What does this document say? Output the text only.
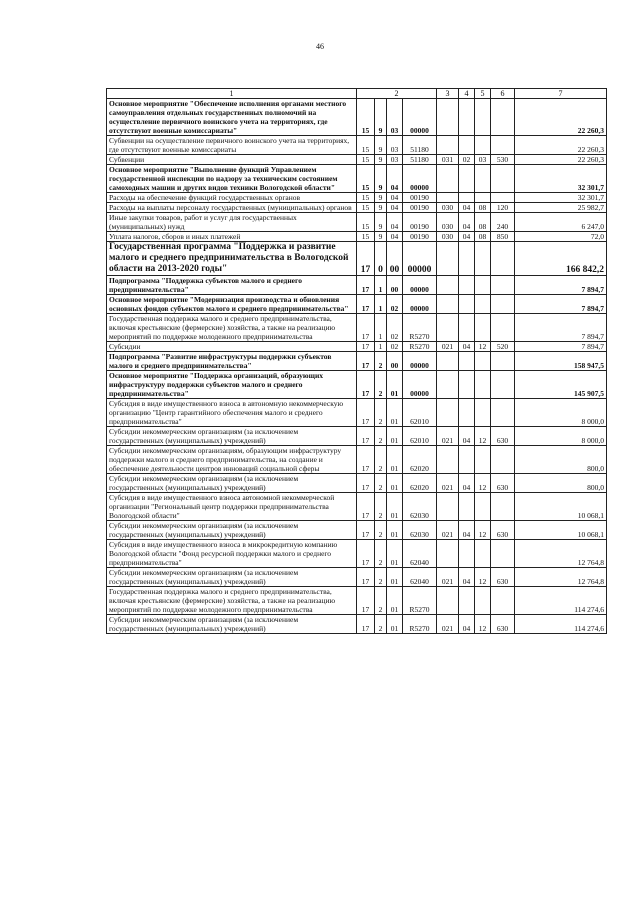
46
1	2				3	4	5	6	7
Основное мероприятие "Обеспечение исполнения органами местного самоуправления отдельных государственных полномочий на осуществление первичного воинского учета на территориях, где отсутствуют военные комиссариаты"	15	9	03	00000					22 260,3
Субвенции на осуществление первичного воинского учета на территориях, где отсутствуют военные комиссариаты	15	9	03	51180					22 260,3
Субвенции	15	9	03	51180	031	02	03	530	22 260,3
Основное мероприятие "Выполнение функций Управлением государственной инспекции по надзору за техническим состоянием самоходных машин и других видов техники Вологодской области"	15	9	04	00000					32 301,7
Расходы на обеспечение функций государственных органов	15	9	04	00190					32 301,7
Расходы на выплаты персоналу государственных (муниципальных) органов	15	9	04	00190	030	04	08	120	25 982,7
Иные закупки товаров, работ и услуг для государственных (муниципальных) нужд	15	9	04	00190	030	04	08	240	6 247,0
Уплата налогов, сборов и иных платежей	15	9	04	00190	030	04	08	850	72,0
Государственная программа "Поддержка и развитие малого и среднего предпринимательства в Вологодской области на 2013-2020 годы"	17	0	00	00000					166 842,2
Подпрограмма "Поддержка субъектов малого и среднего предпринимательства"	17	1	00	00000					7 894,7
Основное мероприятие "Модернизация производства и обновления основных фондов субъектов малого и среднего предпринимательства"	17	1	02	00000					7 894,7
Государственная поддержка малого и среднего предпринимательства, включая крестьянские (фермерские) хозяйства, а также на реализацию мероприятий по поддержке молодежного предпринимательства	17	1	02	R5270					7 894,7
Субсидии	17	1	02	R5270	021	04	12	520	7 894,7
Подпрограмма "Развитие инфраструктуры поддержки субъектов малого и среднего предпринимательства"	17	2	00	00000					158 947,5
Основное мероприятие "Поддержка организаций, образующих инфраструктуру поддержки субъектов малого и среднего предпринимательства"	17	2	01	00000					145 907,5
Субсидия в виде имущественного взноса в автономную некоммерческую организацию "Центр гарантийного обеспечения малого и среднего предпринимательства"	17	2	01	62010					8 000,0
Субсидии некоммерческим организациям (за исключением государственных (муниципальных) учреждений)	17	2	01	62010	021	04	12	630	8 000,0
Субсидии некоммерческим организациям, образующим инфраструктуру поддержки малого и среднего предпринимательства, на создание и обеспечение деятельности центров инноваций социальной сферы	17	2	01	62020					800,0
Субсидии некоммерческим организациям (за исключением государственных (муниципальных) учреждений)	17	2	01	62020	021	04	12	630	800,0
Субсидия в виде имущественного взноса автономной некоммерческой организации "Региональный центр поддержки предпринимательства Вологодской области"	17	2	01	62030					10 068,1
Субсидии некоммерческим организациям (за исключением государственных (муниципальных) учреждений)	17	2	01	62030	021	04	12	630	10 068,1
Субсидия в виде имущественного взноса в микрокредитную компанию Вологодской области "Фонд ресурсной поддержки малого и среднего предпринимательства"	17	2	01	62040					12 764,8
Субсидии некоммерческим организациям (за исключением государственных (муниципальных) учреждений)	17	2	01	62040	021	04	12	630	12 764,8
Государственная поддержка малого и среднего предпринимательства, включая крестьянские (фермерские) хозяйства, а также на реализацию мероприятий по поддержке молодежного предпринимательства	17	2	01	R5270					114 274,6
Субсидии некоммерческим организациям (за исключением государственных (муниципальных) учреждений)	17	2	01	R5270	021	04	12	630	114 274,6
